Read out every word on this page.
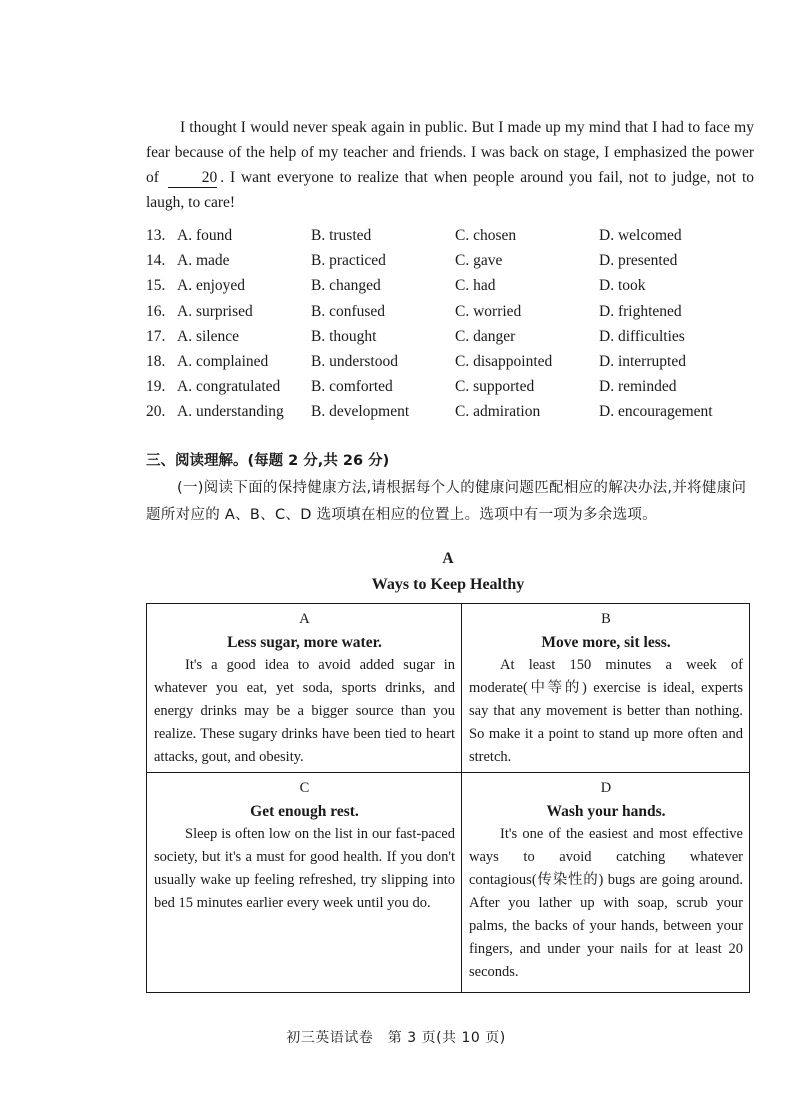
I thought I would never speak again in public. But I made up my mind that I had to face my fear because of the help of my teacher and friends. I was back on stage, I emphasized the power of 20 . I want everyone to realize that when people around you fail, not to judge, not to laugh, to care!

13. A. found	B. trusted	C. chosen	D. welcomed
14. A. made	B. practiced	C. gave	D. presented
15. A. enjoyed	B. changed	C. had	D. took
16. A. surprised	B. confused	C. worried	D. frightened
17. A. silence	B. thought	C. danger	D. difficulties
18. A. complained	B. understood	C. disappointed	D. interrupted
19. A. congratulated	B. comforted	C. supported	D. reminded
20. A. understanding	B. development	C. admiration	D. encouragement
三、阅读理解。(每题 2 分,共 26 分)
(一)阅读下面的保持健康方法,请根据每个人的健康问题匹配相应的解决办法,并将健康问题所对应的 A、B、C、D 选项填在相应的位置上。选项中有一项为多余选项。
A
Ways to Keep Healthy
A
Less sugar, more water.

It's a good idea to avoid added sugar in whatever you eat, yet soda, sports drinks, and energy drinks may be a bigger source than you realize. These sugary drinks have been tied to heart attacks, gout, and obesity.

B
Move more, sit less.

At least 150 minutes a week of moderate(中等的) exercise is ideal, experts say that any movement is better than nothing. So make it a point to stand up more often and stretch.

C
Get enough rest.

Sleep is often low on the list in our fast-paced society, but it's a must for good health. If you don't usually wake up feeling refreshed, try slipping into bed 15 minutes earlier every week until you do.

D
Wash your hands.

It's one of the easiest and most effective ways to avoid catching whatever contagious(传染性的) bugs are going around. After you lather up with soap, scrub your palms, the backs of your hands, between your fingers, and under your nails for at least 20 seconds.

初三英语试卷　第 3 页(共 10 页)
